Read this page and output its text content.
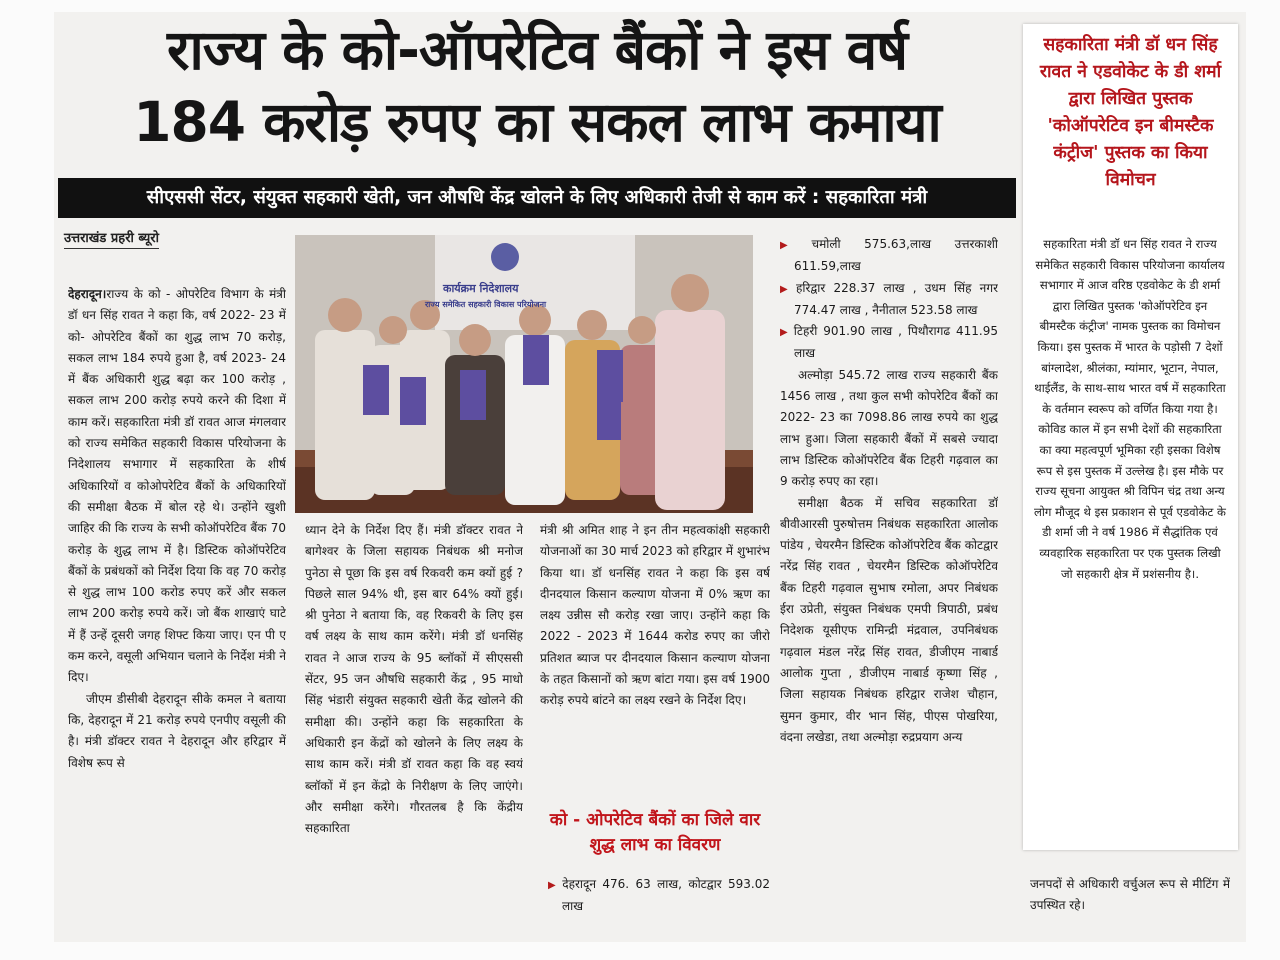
राज्य के को-ऑपरेटिव बैंकों ने इस वर्ष
184 करोड़ रुपए का सकल लाभ कमाया
सीएससी सेंटर, संयुक्त सहकारी खेती, जन औषधि केंद्र खोलने के लिए अधिकारी तेजी से काम करें : सहकारिता मंत्री
उत्तराखंड प्रहरी ब्यूरो
कार्यक्रम निदेशालय
राज्य समेकित सहकारी विकास परियोजना

देहरादून।राज्य के को - ओपरेटिव विभाग के मंत्री डॉ धन सिंह रावत ने कहा कि, वर्ष 2022- 23 में को- ओपरेटिव बैंकों का शुद्ध लाभ 70 करोड़, सकल लाभ 184 रुपये हुआ है, वर्ष 2023- 24 में बैंक अधिकारी शुद्ध बढ़ा कर 100 करोड़ , सकल लाभ 200 करोड़ रुपये करने की दिशा में काम करें। सहकारिता मंत्री डॉ रावत आज मंगलवार को राज्य समेकित सहकारी विकास परियोजना के निदेशालय सभागार में सहकारिता के शीर्ष अधिकारियों व कोओपरेटिव बैंकों के अधिकारियों की समीक्षा बैठक में बोल रहे थे। उन्होंने खुशी जाहिर की कि राज्य के सभी कोऑपरेटिव बैंक 70 करोड़ के शुद्ध लाभ में है। डिस्टिक कोऑपरेटिव बैंकों के प्रबंधकों को निर्देश दिया कि वह 70 करोड़ से शुद्ध लाभ 100 करोड रुपए करें और सकल लाभ 200 करोड़ रुपये करें। जो बैंक शाखाएं घाटे में हैं उन्हें दूसरी जगह शिफ्ट किया जाए। एन पी ए कम करने, वसूली अभियान चलाने के निर्देश मंत्री ने दिए।

जीएम डीसीबी देहरादून सीके कमल ने बताया कि, देहरादून में 21 करोड़ रुपये एनपीए वसूली की है। मंत्री डॉक्टर रावत ने देहरादून और हरिद्वार में विशेष रूप से

ध्यान देने के निर्देश दिए हैं। मंत्री डॉक्टर रावत ने बागेश्वर के जिला सहायक निबंधक श्री मनोज पुनेठा से पूछा कि इस वर्ष रिकवरी कम क्यों हुई ? पिछले साल 94% थी, इस बार 64% क्यों हुई। श्री पुनेठा ने बताया कि, वह रिकवरी के लिए इस वर्ष लक्ष्य के साथ काम करेंगे। मंत्री डॉ धनसिंह रावत ने आज राज्य के 95 ब्लॉकों में सीएससी सेंटर, 95 जन औषधि सहकारी केंद्र , 95 माधो सिंह भंडारी संयुक्त सहकारी खेती केंद्र खोलने की समीक्षा की। उन्होंने कहा कि सहकारिता के अधिकारी इन केंद्रों को खोलने के लिए लक्ष्य के साथ काम करें। मंत्री डॉ रावत कहा कि वह स्वयं ब्लॉकों में इन केंद्रो के निरीक्षण के लिए जाएंगे। और समीक्षा करेंगे। गौरतलब है कि केंद्रीय सहकारिता

मंत्री श्री अमित शाह ने इन तीन महत्वकांक्षी सहकारी योजनाओं का 30 मार्च 2023 को हरिद्वार में शुभारंभ किया था। डॉ धनसिंह रावत ने कहा कि इस वर्ष दीनदयाल किसान कल्याण योजना में 0% ऋण का लक्ष्य उन्नीस सौ करोड़ रखा जाए। उन्होंने कहा कि 2022 - 2023 में 1644 करोड रुपए का जीरो प्रतिशत ब्याज पर दीनदयाल किसान कल्याण योजना के तहत किसानों को ऋण बांटा गया। इस वर्ष 1900 करोड़ रुपये बांटने का लक्ष्य रखने के निर्देश दिए।

को - ओपरेटिव बैंकों का जिले वार शुद्ध लाभ का विवरण

▶ देहरादून 476. 63 लाख, कोटद्वार 593.02 लाख

▶ चमोली 575.63,लाख उत्तरकाशी 611.59,लाख

▶ हरिद्वार 228.37 लाख , उधम सिंह नगर 774.47 लाख , नैनीताल 523.58 लाख

▶ टिहरी 901.90 लाख , पिथौरागढ 411.95 लाख

अल्मोड़ा 545.72 लाख राज्य सहकारी बैंक 1456 लाख , तथा कुल सभी कोपरेटिव बैंकों का 2022- 23 का 7098.86 लाख रुपये का शुद्ध लाभ हुआ। जिला सहकारी बैंकों में सबसे ज्यादा लाभ डिस्टिक कोऑपरेटिव बैंक टिहरी गढ़वाल का 9 करोड़ रुपए का रहा।

समीक्षा बैठक में सचिव सहकारिता डॉ बीवीआरसी पुरुषोत्तम निबंधक सहकारिता आलोक पांडेय , चेयरमैन डिस्टिक कोऑपरेटिव बैंक कोटद्वार नरेंद्र सिंह रावत , चेयरमैन डिस्टिक कोऑपरेटिव बैंक टिहरी गढ़वाल सुभाष रमोला, अपर निबंधक ईरा उप्रेती, संयुक्त निबंधक एमपी त्रिपाठी, प्रबंध निदेशक यूसीएफ रामिन्द्री मंद्रवाल, उपनिबंधक गढ़वाल मंडल नरेंद्र सिंह रावत, डीजीएम नाबार्ड आलोक गुप्ता , डीजीएम नाबार्ड कृष्णा सिंह , जिला सहायक निबंधक हरिद्वार राजेश चौहान, सुमन कुमार, वीर भान सिंह, पीएस पोखरिया, वंदना लखेडा, तथा अल्मोड़ा रुद्रप्रयाग अन्य

जनपदों से अधिकारी वर्चुअल रूप से मीटिंग में उपस्थित रहे।

सहकारिता मंत्री डॉ धन सिंह रावत ने एडवोकेट के डी शर्मा द्वारा लिखित पुस्तक 'कोऑपरेटिव इन बीमस्टैक कंट्रीज' पुस्तक का किया विमोचन
सहकारिता मंत्री डॉ धन सिंह रावत ने राज्य समेकित सहकारी विकास परियोजना कार्यालय सभागार में आज वरिष्ठ एडवोकेट के डी शर्मा द्वारा लिखित पुस्तक 'कोऑपरेटिव इन बीमस्टैक कंट्रीज' नामक पुस्तक का विमोचन किया। इस पुस्तक में भारत के पड़ोसी 7 देशों बांग्लादेश, श्रीलंका, म्यांमार, भूटान, नेपाल, थाईलैंड, के साथ-साथ भारत वर्ष में सहकारिता के वर्तमान स्वरूप को वर्णित किया गया है। कोविड काल में इन सभी देशों की सहकारिता का क्या महत्वपूर्ण भूमिका रही इसका विशेष रूप से इस पुस्तक में उल्लेख है। इस मौके पर राज्य सूचना आयुक्त श्री विपिन चंद्र तथा अन्य लोग मौजूद थे इस प्रकाशन से पूर्व एडवोकेट के डी शर्मा जी ने वर्ष 1986 में सैद्धांतिक एवं व्यवहारिक सहकारिता पर एक पुस्तक लिखी जो सहकारी क्षेत्र में प्रशंसनीय है।.
